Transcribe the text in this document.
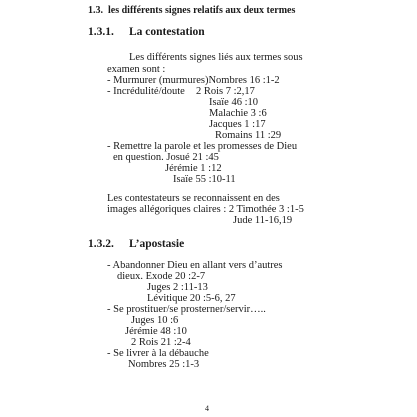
1.3. les différents signes relatifs aux deux termes
1.3.1. La contestation
Les différents signes liés aux termes sous
examen sont :
- Murmurer (murmures)Nombres 16 :1-2
- Incrédulité/doute 2 Rois 7 :2,17
Isaïe 46 :10
Malachie 3 :6
Jacques 1 :17
Romains 11 :29
- Remettre la parole et les promesses de Dieu
en question. Josué 21 :45
Jérémie 1 :12
Isaïe 55 :10-11
Les contestateurs se reconnaissent en des
images allégoriques claires : 2 Timothée 3 :1-5
Jude 11-16,19
1.3.2. L’apostasie
- Abandonner Dieu en allant vers d’autres
dieux. Exode 20 :2-7
Juges 2 :11-13
Lévitique 20 :5-6, 27
- Se prostituer/se prosterner/servir…..
Juges 10 :6
Jérémie 48 :10
2 Rois 21 :2-4
- Se livrer à la débauche
Nombres 25 :1-3
4
